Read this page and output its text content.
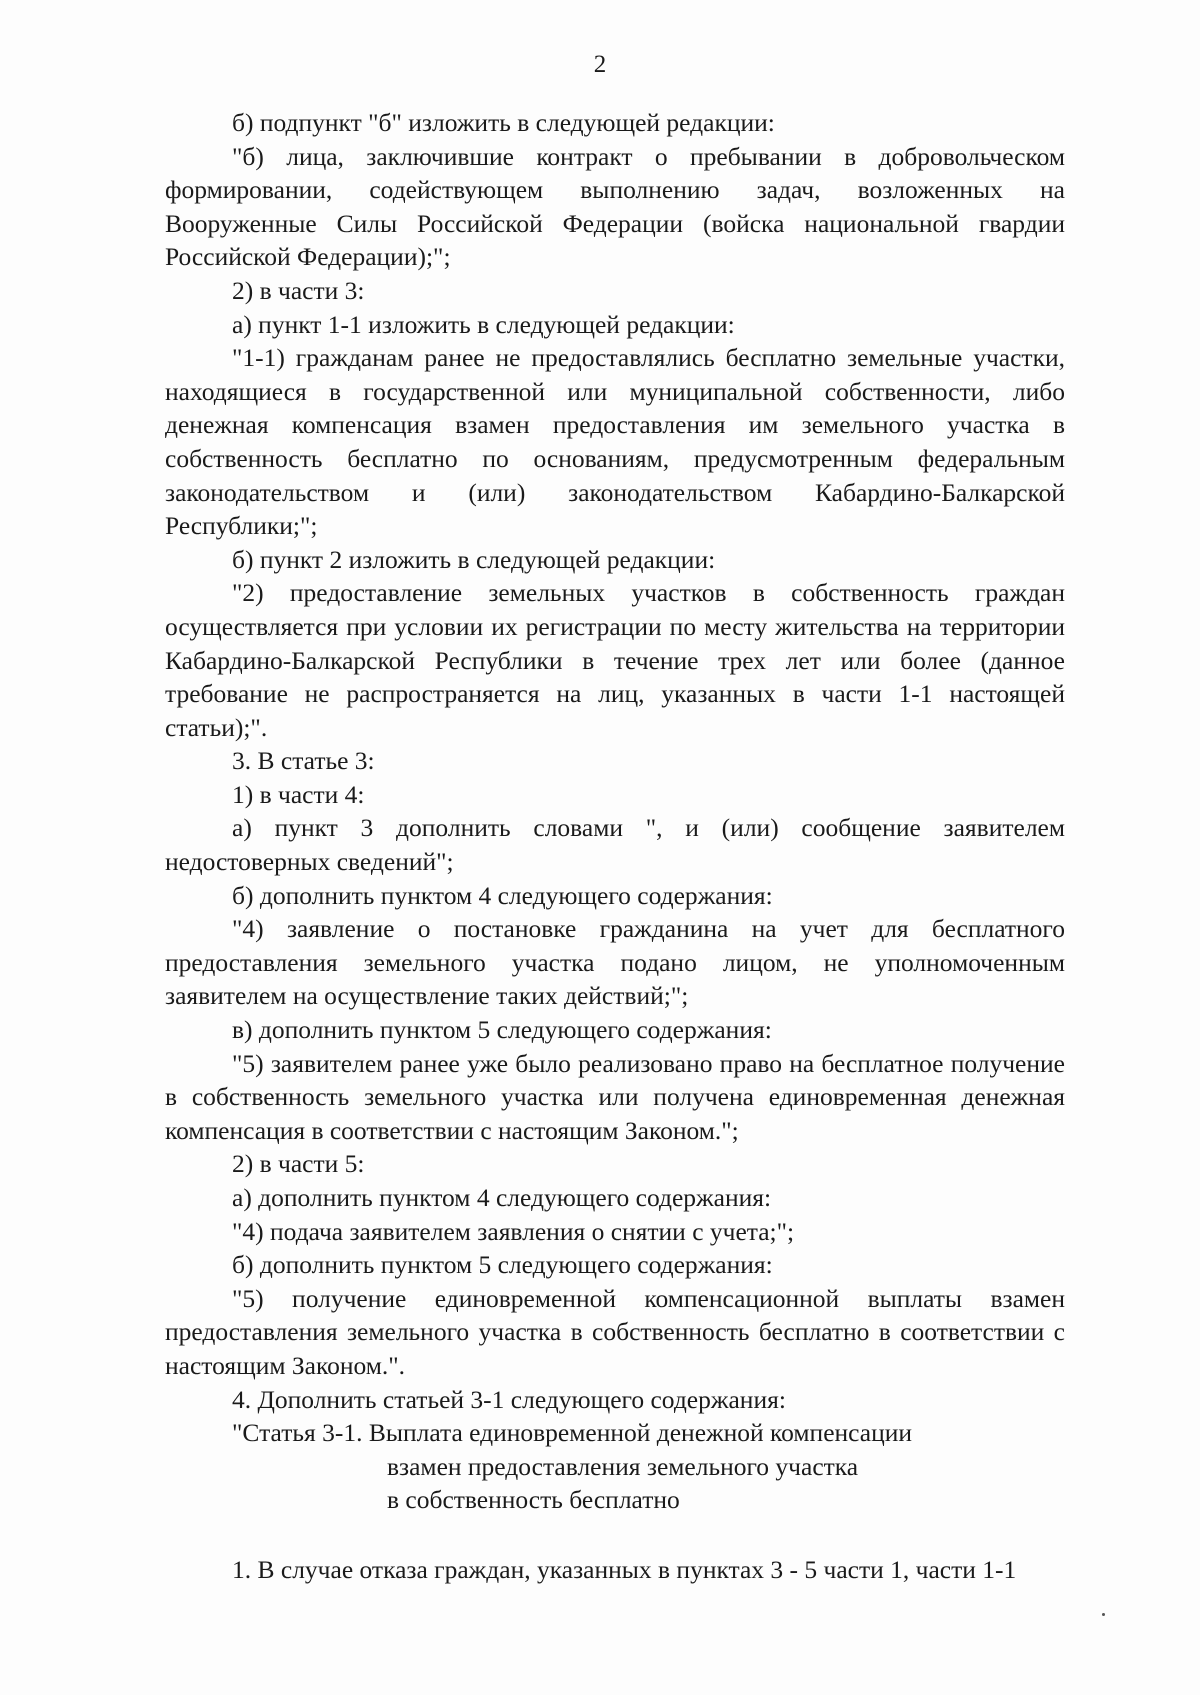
2

б) подпункт "б" изложить в следующей редакции:

"б) лица, заключившие контракт о пребывании в добровольческом формировании, содействующем выполнению задач, возложенных на Вооруженные Силы Российской Федерации (войска национальной гвардии Российской Федерации);";

2) в части 3:

а) пункт 1-1 изложить в следующей редакции:

"1-1) гражданам ранее не предоставлялись бесплатно земельные участки, находящиеся в государственной или муниципальной собственности, либо денежная компенсация взамен предоставления им земельного участка в собственность бесплатно по основаниям, предусмотренным федеральным законодательством и (или) законодательством Кабардино-Балкарской Республики;";

б) пункт 2 изложить в следующей редакции:

"2) предоставление земельных участков в собственность граждан осуществляется при условии их регистрации по месту жительства на территории Кабардино-Балкарской Республики в течение трех лет или более (данное требование не распространяется на лиц, указанных в части 1-1 настоящей статьи);".

3. В статье 3:

1) в части 4:

а) пункт 3 дополнить словами ", и (или) сообщение заявителем недостоверных сведений";

б) дополнить пунктом 4 следующего содержания:

"4) заявление о постановке гражданина на учет для бесплатного предоставления земельного участка подано лицом, не уполномоченным заявителем на осуществление таких действий;";

в) дополнить пунктом 5 следующего содержания:

"5) заявителем ранее уже было реализовано право на бесплатное получение в собственность земельного участка или получена единовременная денежная компенсация в соответствии с настоящим Законом.";

2) в части 5:

а) дополнить пунктом 4 следующего содержания:

"4) подача заявителем заявления о снятии с учета;";

б) дополнить пунктом 5 следующего содержания:

"5) получение единовременной компенсационной выплаты взамен предоставления земельного участка в собственность бесплатно в соответствии с настоящим Законом.".

4. Дополнить статьей 3-1 следующего содержания:

"Статья 3-1. Выплата единовременной денежной компенсации
взамен предоставления земельного участка
в собственность бесплатно

1. В случае отказа граждан, указанных в пунктах 3 - 5 части 1, части 1-1
